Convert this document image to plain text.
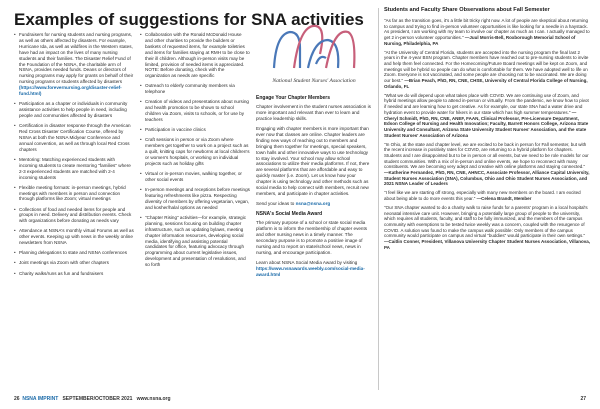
Examples of suggestions for SNA activities
• Fundraisers for nursing students and nursing programs, as well as others affected by disasters. For example, Hurricane Ida, as well as wildfires in the Western states, have had an impact on the lives of many nursing students and their families. The Disaster Relief Fund of the Foundation of the NSNA, the charitable arm of NSNA, provides needed funds. Deans or directors of nursing programs may apply for grants on behalf of their nursing programs or students affected by disasters (https://www.forevernursing.org/disaster-relief-fund.html)
• Participation as a chapter or individuals in community assistance activities to help people in need, including people and communities affected by disasters
• Certification in disaster response through the American Red Cross Disaster Certification Course, offered by NSNA at both the NSNA Midyear Conference and annual convention, as well as through local Red Cross chapters
• Mentoring: Matching experienced students with incoming students to create mentoring "families" where 2-3 experienced students are matched with 2-4 incoming students
• Flexible meeting formats: in-person meetings, hybrid meetings with members in person and connection through platforms like Zoom; virtual meetings
• Collections of food and needed items for people and groups in need. Delivery and distribution events. Check with organizations before donating as needs vary
• Attendance at NSNA's monthly virtual Forums as well as other events. Keeping up with news in the weekly online newsletters from NSNA
• Planning delegations to state and NSNA conferences
• Joint meetings via Zoom with other chapters
• Charity walks/runs as fun and fundraisers
• Collaboration with the Ronald McDonald House and other charities to provide the builders or baskets of requested items, for example toiletries and items for families staying at RMH to be close to their ill children. Although in-person visits may be limited, provision of needed items is appreciated. NOTE: Before donating, check with the organization as needs are specific
• Outreach to elderly community members via telephone
• Creation of videos and presentations about nursing and health promotion to be shown to school children via Zoom, visits to schools, or for use by teachers
• Participation in vaccine clinics
• Craft sessions in person or via Zoom where members get together to work on a project such as a quilt, knitting caps for newborns at local children's or women's hospitals, or working on individual projects such as holiday gifts
• Virtual or in-person movies, walking together, or other social events
• In-person meetings and receptions before meetings featuring refreshments like pizza. Respecting diversity of members by offering vegetarian, vegan, and kosher/halal options as needed
• "Chapter Rising" activities—for example, strategic planning, sessions focusing on building chapter infrastructure, such as updating bylaws, meeting chapter information resources, developing social media, identifying and assisting potential candidates for office, featuring advocacy through programming about current legislative issues, development and presentation of resolutions, and so forth
National Student Nurses' Association
Engage Your Chapter Members
Chapter involvement in the student nurses association is more important and relevant than ever to learn and practice leadership skills.
Engaging with chapter members is more important than ever now that classes are online. Chapter leaders are finding new ways of reaching out to members and bringing them together for meetings, special speakers, town halls and other innovative ways to use technology to stay involved. Your school may allow school associations to utilize their media platforms. If not, there are several platforms that are affordable and easy to quickly master (i.e. Zoom). Let us know how your chapter is using technology and other methods such as social media to help connect with members, recruit new members, and participate in chapter activities.
Send your ideas to nsna@nsna.org
NSNA's Social Media Award
The primary purpose of a school or state social media platform is to inform the membership of chapter events and other nursing news in a timely manner. The secondary purpose is to promote a positive image of nursing and to report on state/school news, news in nursing, and encourage participation.
Learn about NSNA Social Media Award by visiting https://www.nsnawards.weebly.com/social-media-award.html
Students and Faculty Share Observations about Fall Semester
"As far as the transition goes, it's a little bit tricky right now. A lot of people are skeptical about returning to campus and trying to find in-person volunteer opportunities is like looking for a needle in a haystack. As president, I am working with my team to involve our chapter as much as I can. I actually managed to get 2 in-person volunteer opportunities." —Juul Morris-Bell, Roxborough Memorial School of Nursing, Philadelphia, PA
"At the University of Central Florida, students are accepted into the nursing program the final last 2 years in the 4-year BSN program. Chapter members have reached out to pre-nursing students to invite and help them feel connected. For the Homecoming/Future Board meetings will be kept on Zoom, and meetings will be hybrid so people can do what is comfortable for them. We have adopted well to life on Zoom. Everyone is not vaccinated, and some people are choosing not to be vaccinated. We are doing our best." —Brian Peach, PhD, RN, CNE, CHSE, University of Central Florida College of Nursing, Orlando, FL
"What we do will depend upon what takes place with COVID. We are continuing use of Zoom, and hybrid meetings allow people to attend in-person or virtually. From the pandemic, we know how to pivot if needed and are learning how to get creative. As for example, our state SNA had a water drive and hydration event to provide water for hikers in our state which has high summer temperatures." —Cheryl Schmidt, PhD, RN, CNE, ANEF, FAAN, Clinical Professor, Pre-Licensure Department, Edson College of Nursing and Health Innovation; Faculty, Barrett Honors College, Arizona State University and Consultant, Arizona State University Student Nurses' Association, and the state Student Nurses' Association of Arizona
"In Ohio, at the state and chapter level, we are excited to be back in person for Fall semester, but with the recent increase in positivity rates for COVID, are returning to a hybrid platform for chapters. Students and I are disappointed but to be in person or all events, but we need to be role models for our student communities. With a mix of in-person and online events, we hope to reconnect with many constituents. We are becoming very adept and creative with online platforms and staying connected." —Katherine Fernandez, PhD, RN, CNE, AHNCC, Associate Professor, Alliance Capital University, Student Nurses Association (SNA), Columbus, Ohio and Ohio Student Nurses Association, and 2021 NSNA Leader of Leaders
"I feel like we are starting off strong, especially with many new members on the board. I am excited about being able to do more events this year." —Celena Brandt, Member
"Our SNA chapter wanted to do a charity walk to raise funds for a parents' program in a local hospital's neonatal intensive care unit. However, bringing a potentially large group of people to the university, which requires all students, faculty, and staff to be fully immunized, and the members of the campus community with exemptions to be tested twice weekly was a concern, coupled with the resurgence of COVID. A solution was found to make the campus walk possible: Only members of the campus community would participate on campus and virtual "buddies" would participate in their own settings." —Caitlin Conner, President, Villanova University Chapter Student Nurses Association, Villanova, PA
26 NSNA IMPRINT SEPTEMBER/OCTOBER 2021 www.nsna.org	27
